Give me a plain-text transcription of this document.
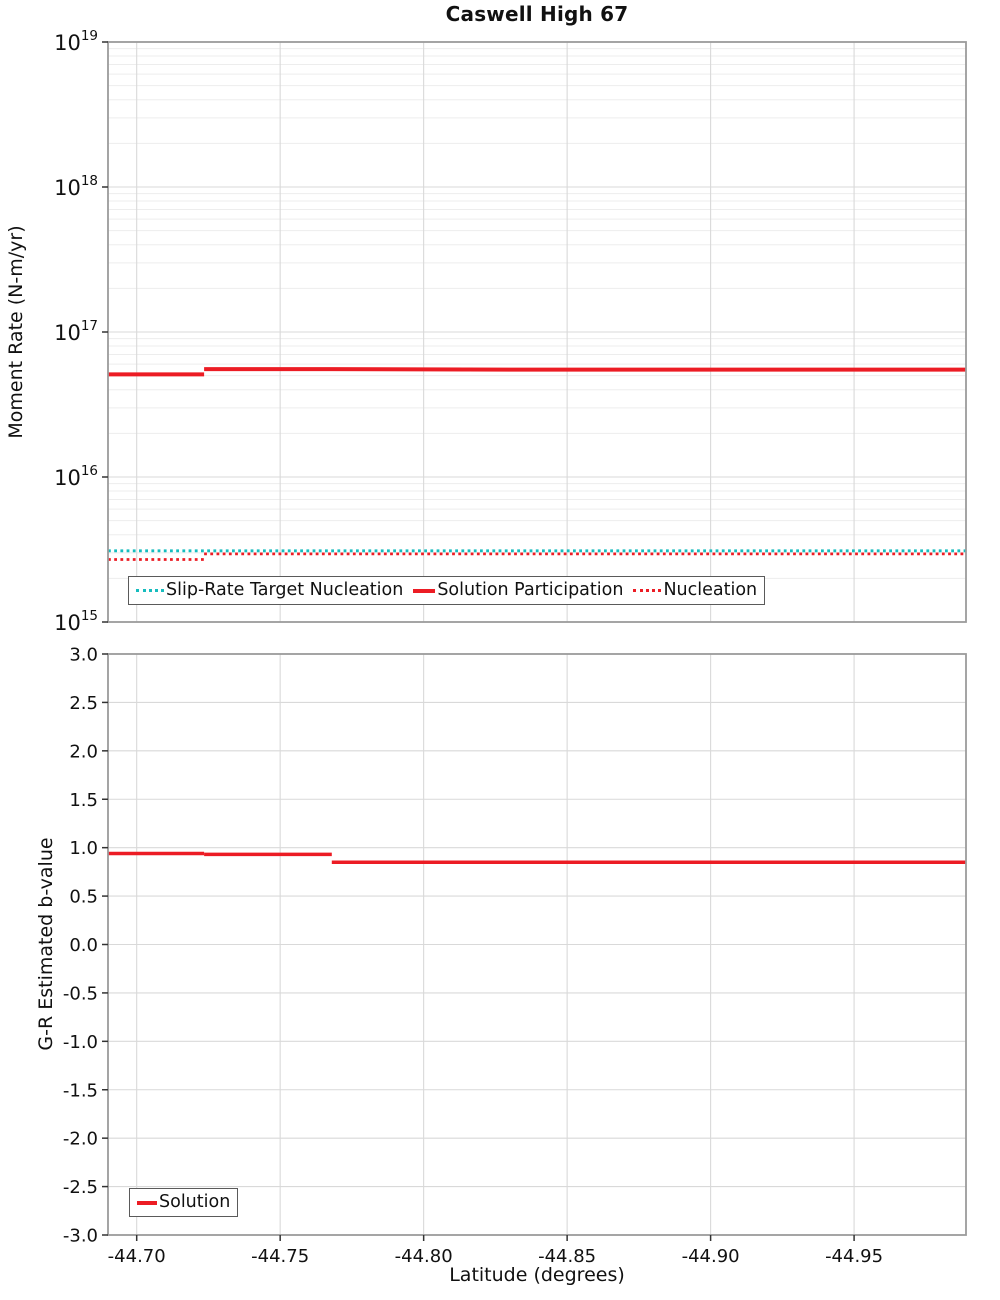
Caswell High 67
$10^{19}$
$10^{18}$
$10^{17}$
$10^{16}$
$10^{15}$
3.0
2.5
2.0
1.5
1.0
0.5
0.0
-0.5
-1.0
-1.5
-2.0
-2.5
-3.0
-44.70	-44.75	-44.80	-44.85	-44.90	-44.95
Moment Rate (N-m/yr)
G-R Estimated b-value
Latitude (degrees)
Slip-Rate Target Nucleation Solution Participation Nucleation
Solution
